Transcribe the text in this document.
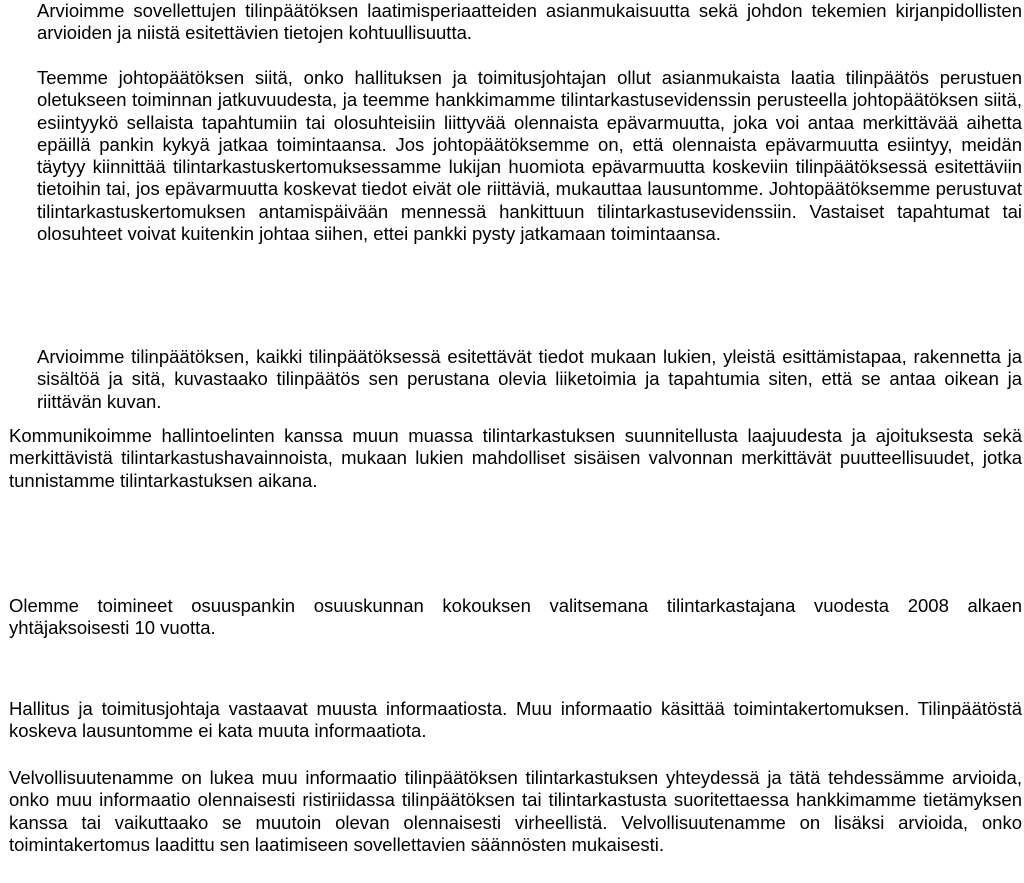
Arvioimme sovellettujen tilinpäätöksen laatimisperiaatteiden asianmukaisuutta sekä johdon tekemien kirjanpidollisten arvioiden ja niistä esitettävien tietojen kohtuullisuutta.

Teemme johtopäätöksen siitä, onko hallituksen ja toimitusjohtajan ollut asianmukaista laatia tilinpäätös perustuen oletukseen toiminnan jatkuvuudesta, ja teemme hankkimamme tilintarkastusevidenssin perusteella johtopäätöksen siitä, esiintyykö sellaista tapahtumiin tai olosuhteisiin liittyvää olennaista epävarmuutta, joka voi antaa merkittävää aihetta epäillä pankin kykyä jatkaa toimintaansa. Jos johtopäätöksemme on, että olennaista epävarmuutta esiintyy, meidän täytyy kiinnittää tilintarkastuskertomuksessamme lukijan huomiota epävarmuutta koskeviin tilinpäätöksessä esitettäviin tietoihin tai, jos epävarmuutta koskevat tiedot eivät ole riittäviä, mukauttaa lausuntomme. Johtopäätöksemme perustuvat tilintarkastuskertomuksen antamispäivään mennessä hankittuun tilintarkastusevidenssiin. Vastaiset tapahtumat tai olosuhteet voivat kuitenkin johtaa siihen, ettei pankki pysty jatkamaan toimintaansa.

Arvioimme tilinpäätöksen, kaikki tilinpäätöksessä esitettävät tiedot mukaan lukien, yleistä esittämistapaa, rakennetta ja sisältöä ja sitä, kuvastaako tilinpäätös sen perustana olevia liiketoimia ja tapahtumia siten, että se antaa oikean ja riittävän kuvan.

Kommunikoimme hallintoelinten kanssa muun muassa tilintarkastuksen suunnitellusta laajuudesta ja ajoituksesta sekä merkittävistä tilintarkastushavainnoista, mukaan lukien mahdolliset sisäisen valvonnan merkittävät puutteellisuudet, jotka tunnistamme tilintarkastuksen aikana.

Olemme toimineet osuuspankin osuuskunnan kokouksen valitsemana tilintarkastajana vuodesta 2008 alkaen yhtäjaksoisesti 10 vuotta.

Hallitus ja toimitusjohtaja vastaavat muusta informaatiosta. Muu informaatio käsittää toimintakertomuksen. Tilinpäätöstä koskeva lausuntomme ei kata muuta informaatiota.

Velvollisuutenamme on lukea muu informaatio tilinpäätöksen tilintarkastuksen yhteydessä ja tätä tehdessämme arvioida, onko muu informaatio olennaisesti ristiriidassa tilinpäätöksen tai tilintarkastusta suoritettaessa hankkimamme tietämyksen kanssa tai vaikuttaako se muutoin olevan olennaisesti virheellistä. Velvollisuutenamme on lisäksi arvioida, onko toimintakertomus laadittu sen laatimiseen sovellettavien säännösten mukaisesti.
